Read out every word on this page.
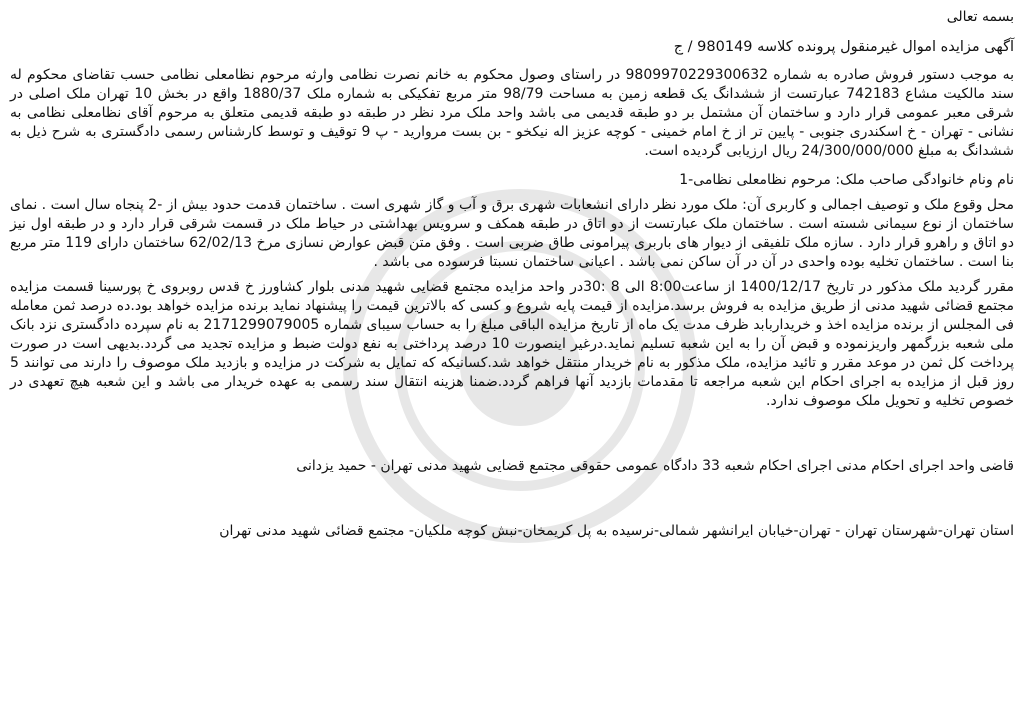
بسمه تعالی

آگهی مزایده اموال غیرمنقول پرونده کلاسه 980149 / ج

به موجب دستور فروش صادره به شماره 9809970229300632 در راستای وصول محکوم به خانم نصرت نظامی وارثه مرحوم نظامعلی نظامی حسب تقاضای محکوم له سند مالکیت مشاع 742183 عبارتست از ششدانگ یک قطعه زمین به مساحت 98/79 متر مربع تفکیکی به شماره ملک 1880/37 واقع در بخش 10 تهران ملک اصلی در شرقی معبر عمومی قرار دارد و ساختمان آن مشتمل بر دو طبقه قدیمی می باشد واحد ملک مرد نظر در طبقه دو طبقه قدیمی متعلق به مرحوم آقای نظامعلی نظامی به نشانی - تهران - خ اسکندری جنوبی - پایین تر از خ امام خمینی - کوچه عزیز اله نیکخو - بن بست مروارید - پ 9 توقیف و توسط کارشناس رسمی دادگستری به شرح ذیل به ششدانگ به مبلغ 24/300/000/000 ریال ارزیابی گردیده است.

نام ونام خانوادگی صاحب ملک: مرحوم نظامعلی نظامی-1

محل وقوع ملک و توصیف اجمالی و کاربری آن: ملک مورد نظر دارای انشعابات شهری برق و آب و گاز شهری است . ساختمان قدمت حدود بیش از -2 پنجاه سال است . نمای ساختمان از نوع سیمانی شسته است . ساختمان ملک عبارتست از دو اتاق در طبقه همکف و سرویس بهداشتی در حیاط ملک در قسمت شرقی قرار دارد و در طبقه اول نیز دو اتاق و راهرو قرار دارد . سازه ملک تلفیقی از دیوار های باربری پیرامونی طاق ضربی است . وفق متن قبض عوارض نسازی مرخ 62/02/13 ساختمان دارای 119 متر مربع بنا است . ساختمان تخلیه بوده واحدی در آن در آن ساکن نمی باشد . اعیانی ساختمان نسبتا فرسوده می باشد .

مقرر گردید ملک مذکور در تاریخ 1400/12/17 از ساعت8:00 الی 8 :30در واحد مزایده مجتمع قضایی شهید مدنی بلوار کشاورز خ قدس روبروی خ پورسینا قسمت مزایده مجتمع قضائی شهید مدنی از طریق مزایده به فروش برسد.مزایده از قیمت پایه شروع و کسی که بالاترین قیمت را پیشنهاد نماید برنده مزایده خواهد بود.ده درصد ثمن معامله فی المجلس از برنده مزایده اخذ و خریداربابد ظرف مدت یک ماه از تاریخ مزایده الباقی مبلغ را به حساب سیبای شماره 2171299079005 به نام سپرده دادگستری نزد بانک ملی شعبه بزرگمهر واریزنموده و قبض آن را به این شعبه تسلیم نماید.درغیر اینصورت 10 درصد پرداختی به نفع دولت ضبط و مزایده تجدید می گردد.بدیهی است در صورت پرداخت کل ثمن در موعد مقرر و تائید مزایده، ملک مذکور به نام خریدار منتقل خواهد شد.کسانیکه که تمایل به شرکت در مزایده و بازدید ملک موصوف را دارند می توانند 5 روز قبل از مزایده به اجرای احکام این شعبه مراجعه تا مقدمات بازدید آنها فراهم گردد.ضمنا هزینه انتقال سند رسمی به عهده خریدار می باشد و این شعبه هیچ تعهدی در خصوص تخلیه و تحویل ملک موصوف ندارد.

قاضی واحد اجرای احکام مدنی اجرای احکام شعبه 33 دادگاه عمومی حقوقی مجتمع قضایی شهید مدنی تهران - حمید یزدانی

استان تهران-شهرستان تهران - تهران-خیابان ایرانشهر شمالی-نرسیده به پل کریمخان-نبش کوچه ملکیان- مجتمع قضائی شهید مدنی تهران
